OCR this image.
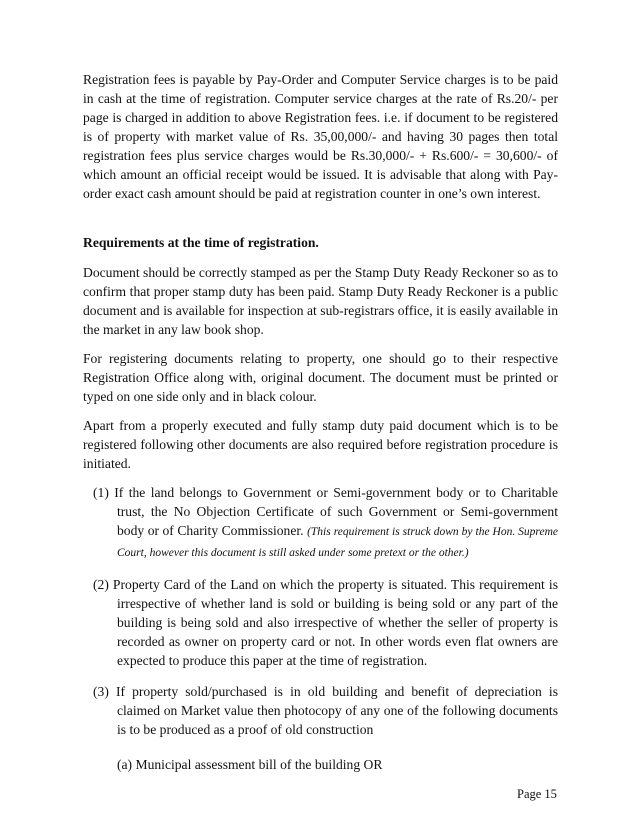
Registration fees is payable by Pay-Order and Computer Service charges is to be paid in cash at the time of registration. Computer service charges at the rate of Rs.20/- per page is charged in addition to above Registration fees. i.e. if document to be registered is of property with market value of Rs. 35,00,000/- and having 30 pages then total registration fees plus service charges would be Rs.30,000/- + Rs.600/- = 30,600/- of which amount an official receipt would be issued. It is advisable that along with Pay-order exact cash amount should be paid at registration counter in one’s own interest.

Requirements at the time of registration.

Document should be correctly stamped as per the Stamp Duty Ready Reckoner so as to confirm that proper stamp duty has been paid. Stamp Duty Ready Reckoner is a public document and is available for inspection at sub-registrars office, it is easily available in the market in any law book shop.

For registering documents relating to property, one should go to their respective Registration Office along with, original document. The document must be printed or typed on one side only and in black colour.

Apart from a properly executed and fully stamp duty paid document which is to be registered following other documents are also required before registration procedure is initiated.

(1) If the land belongs to Government or Semi-government body or to Charitable trust, the No Objection Certificate of such Government or Semi-government body or of Charity Commissioner. (This requirement is struck down by the Hon. Supreme Court, however this document is still asked under some pretext or the other.)

(2) Property Card of the Land on which the property is situated. This requirement is irrespective of whether land is sold or building is being sold or any part of the building is being sold and also irrespective of whether the seller of property is recorded as owner on property card or not. In other words even flat owners are expected to produce this paper at the time of registration.

(3) If property sold/purchased is in old building and benefit of depreciation is claimed on Market value then photocopy of any one of the following documents is to be produced as a proof of old construction
(a) Municipal assessment bill of the building OR

Page 15
